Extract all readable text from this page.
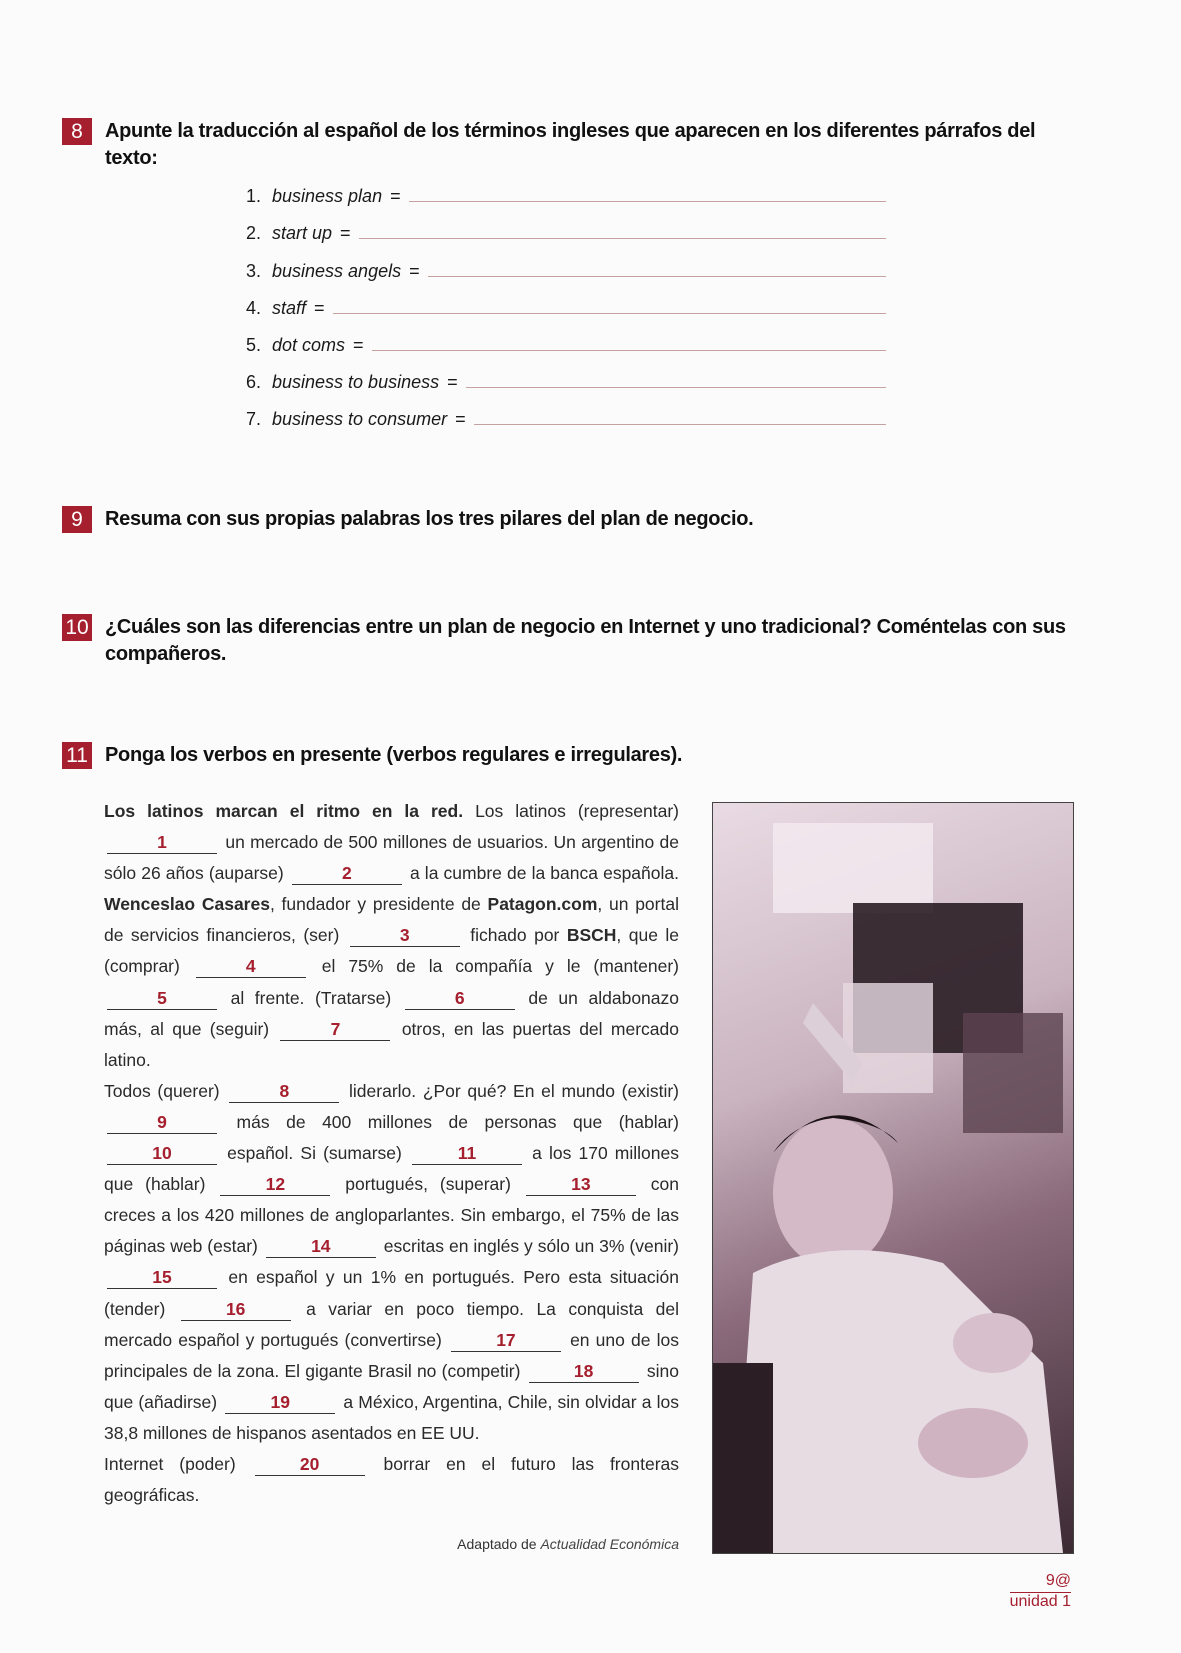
8	Apunte la traducción al español de los términos ingleses que aparecen en los diferentes párrafos del texto:
1. business plan =
2. start up =
3. business angels =
4. staff =
5. dot coms =
6. business to business =
7. business to consumer =
9	Resuma con sus propias palabras los tres pilares del plan de negocio.
10 ¿Cuáles son las diferencias entre un plan de negocio en Internet y uno tradicional? Coméntelas con sus compañeros.
11 Ponga los verbos en presente (verbos regulares e irregulares).

Los latinos marcan el ritmo en la red. Los latinos (representar) 1	un mercado de 500 millones de usuarios. Un argentino de sólo 26 años (auparse)	2	a la cumbre de la banca española. Wenceslao Casares, fundador y presidente de Patagon.com, un portal de servicios financieros, (ser)	3	fichado por BSCH, que le (comprar)	4	el 75% de la compañía y le (mantener) 5	al frente. (Tratarse)	6	de un aldabonazo más, al que (seguir)	7	otros, en las puertas del mercado latino.

Todos (querer)	8	liderarlo. ¿Por qué? En el mundo (existir) 9	más de 400 millones de personas que (hablar) 10	español. Si (sumarse)	11	a los 170 millones que (hablar)	12	portugués, (superar)	13	con creces a los 420 millones de angloparlantes. Sin embargo, el 75% de las páginas web (estar)	14	escritas en inglés y sólo un 3% (venir)15	en español y un 1% en portugués. Pero esta situación (tender)	16	a variar en poco tiempo. La conquista del mercado español y portugués (convertirse)	17	en uno de los principales de la zona. El gigante Brasil no (competir)	18	sino que (añadirse)	19	a México, Argentina, Chile, sin olvidar a los 38,8 millones de hispanos asentados en EE UU.

Internet (poder)	20	borrar en el futuro las fronteras geográficas.

Adaptado de Actualidad Económica
9@
unidad 1
